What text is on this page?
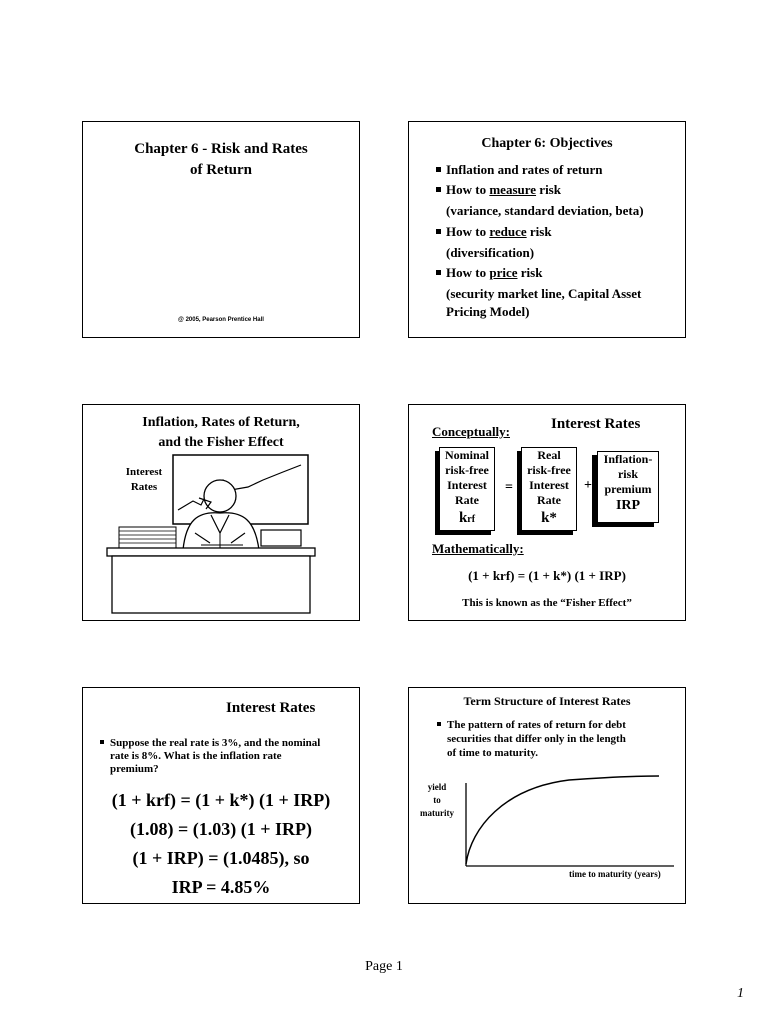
Chapter 6 - Risk and Rates
of Return
@ 2005, Pearson Prentice Hall
Chapter 6: Objectives
Inflation and rates of return
How to measure risk
(variance, standard deviation, beta)
How to reduce risk
(diversification)
How to price risk
(security market line, Capital Asset
Pricing Model)
Inflation, Rates of Return,
and the Fisher Effect
Interest
Rates
Interest Rates
Conceptually:
Nominal
risk-free
Interest
Rate
krf
=
Real
risk-free
Interest
Rate
k*
+
Inflation-
risk
premium
IRP
Mathematically:
(1 + krf) = (1 + k*) (1 + IRP)
This is known as the “Fisher Effect”
Interest Rates
Suppose the real rate is 3%, and the nominal
rate is 8%. What is the inflation rate
premium?
(1 + krf) = (1 + k*) (1 + IRP)
(1.08) = (1.03) (1 + IRP)
(1 + IRP) = (1.0485), so
IRP = 4.85%
Term Structure of Interest Rates
The pattern of rates of return for debt
securities that differ only in the length
of time to maturity.
yield
to
maturity
time to maturity (years)
Page 1
1
